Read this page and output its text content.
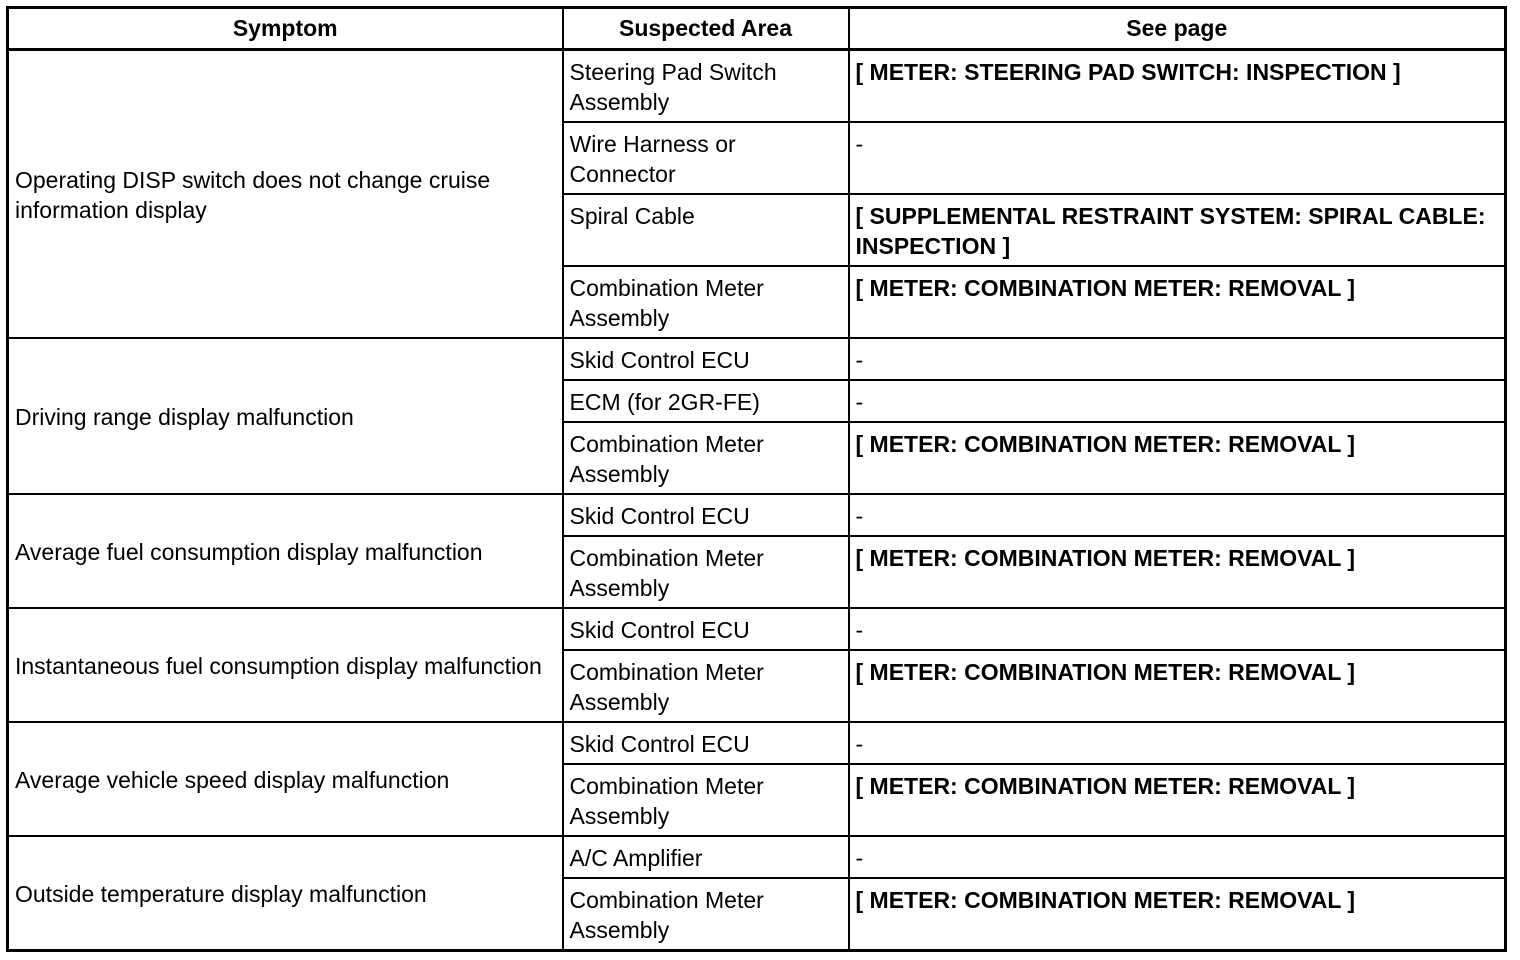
Symptom	Suspected Area	See page
Operating DISP switch does not change cruise information display	Steering Pad Switch Assembly	[ METER: STEERING PAD SWITCH: INSPECTION ]
	Wire Harness or Connector	-
	Spiral Cable	[ SUPPLEMENTAL RESTRAINT SYSTEM: SPIRAL CABLE: INSPECTION ]
	Combination Meter Assembly	[ METER: COMBINATION METER: REMOVAL ]
Driving range display malfunction	Skid Control ECU	-
	ECM (for 2GR-FE)	-
	Combination Meter Assembly	[ METER: COMBINATION METER: REMOVAL ]
Average fuel consumption display malfunction	Skid Control ECU	-
	Combination Meter Assembly	[ METER: COMBINATION METER: REMOVAL ]
Instantaneous fuel consumption display malfunction	Skid Control ECU	-
	Combination Meter Assembly	[ METER: COMBINATION METER: REMOVAL ]
Average vehicle speed display malfunction	Skid Control ECU	-
	Combination Meter Assembly	[ METER: COMBINATION METER: REMOVAL ]
Outside temperature display malfunction	A/C Amplifier	-
	Combination Meter Assembly	[ METER: COMBINATION METER: REMOVAL ]
